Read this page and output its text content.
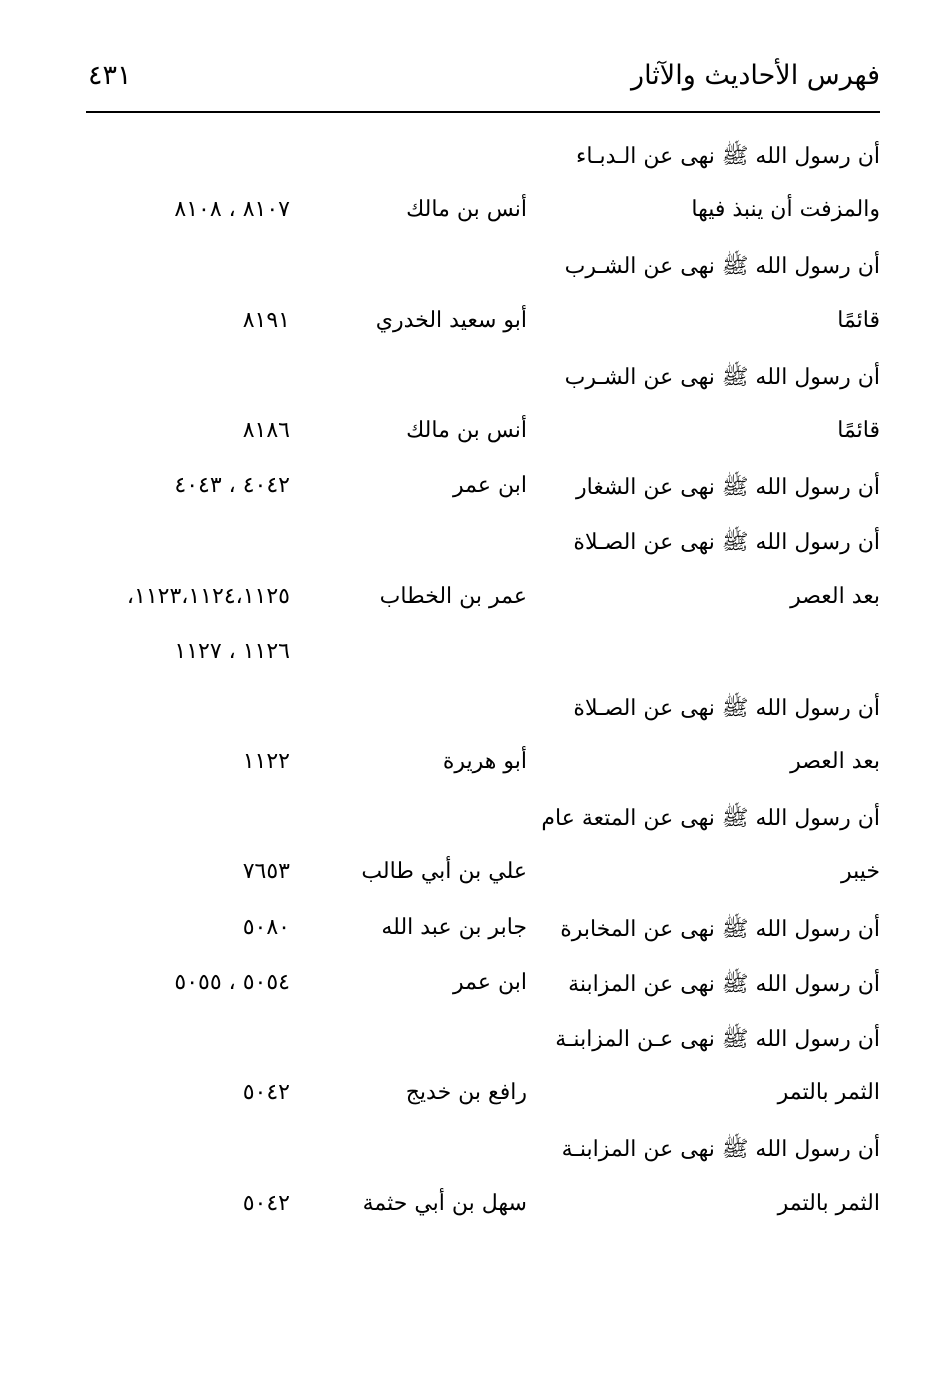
فهرس الأحاديث والآثار
٤٣١
أن رسول الله ﷺ نهى عن الـدبـاء
والمزفت أن ينبذ فيها
أنس بن مالك
٨١٠٧ ، ٨١٠٨
أن رسول الله ﷺ نهى عن الشـرب
قائمًا
أبو سعيد الخدري
٨١٩١
أن رسول الله ﷺ نهى عن الشـرب
قائمًا
أنس بن مالك
٨١٨٦
أن رسول الله ﷺ نهى عن الشغار
ابن عمر
٤٠٤٢ ، ٤٠٤٣
أن رسول الله ﷺ نهى عن الصـلاة
بعد العصر
عمر بن الخطاب
١١٢٣،١١٢٤،١١٢٥،
١١٢٦ ، ١١٢٧
أن رسول الله ﷺ نهى عن الصـلاة
بعد العصر
أبو هريرة
١١٢٢
أن رسول الله ﷺ نهى عن المتعة عام
خيبر
علي بن أبي طالب
٧٦٥٣
أن رسول الله ﷺ نهى عن المخابرة
جابر بن عبد الله
٥٠٨٠
أن رسول الله ﷺ نهى عن المزابنة
ابن عمر
٥٠٥٤ ، ٥٠٥٥
أن رسول الله ﷺ نهى عـن المزابنـة
الثمر بالتمر
رافع بن خديج
٥٠٤٢
أن رسول الله ﷺ نهى عن المزابنـة
الثمر بالتمر
سهل بن أبي حثمة
٥٠٤٢
